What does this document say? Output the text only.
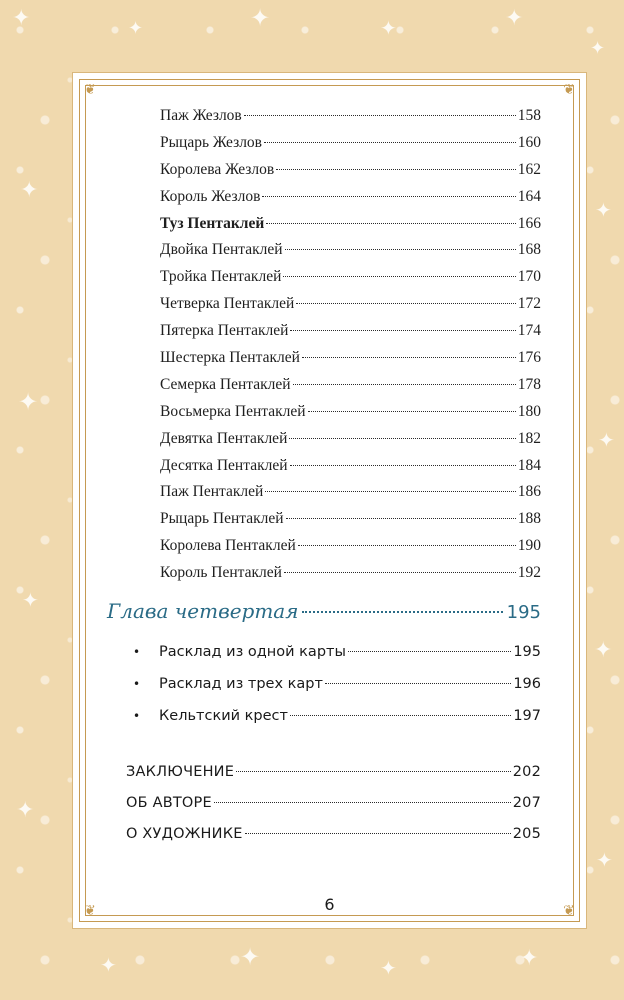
✦	✦	✦	✦	✦
✦
✦
✦
✦
✦
✦
✦
✦
✦
✦	✦	✦	✦
❦	❦
❦	❦
Паж Жезлов	158
Рыцарь Жезлов	160
Королева Жезлов	162
Король Жезлов	164
Туз Пентаклей	166
Двойка Пентаклей	168
Тройка Пентаклей	170
Четверка Пентаклей	172
Пятерка Пентаклей	174
Шестерка Пентаклей	176
Семерка Пентаклей	178
Восьмерка Пентаклей	180
Девятка Пентаклей	182
Десятка Пентаклей	184
Паж Пентаклей	186
Рыцарь Пентаклей	188
Королева Пентаклей	190
Король Пентаклей	192
Глава четвертая	195
•	Расклад из одной карты	195
•	Расклад из трех карт	196
•	Кельтский крест	197
ЗАКЛЮЧЕНИЕ	202
ОБ АВТОРЕ	207
О ХУДОЖНИКЕ	205
6
